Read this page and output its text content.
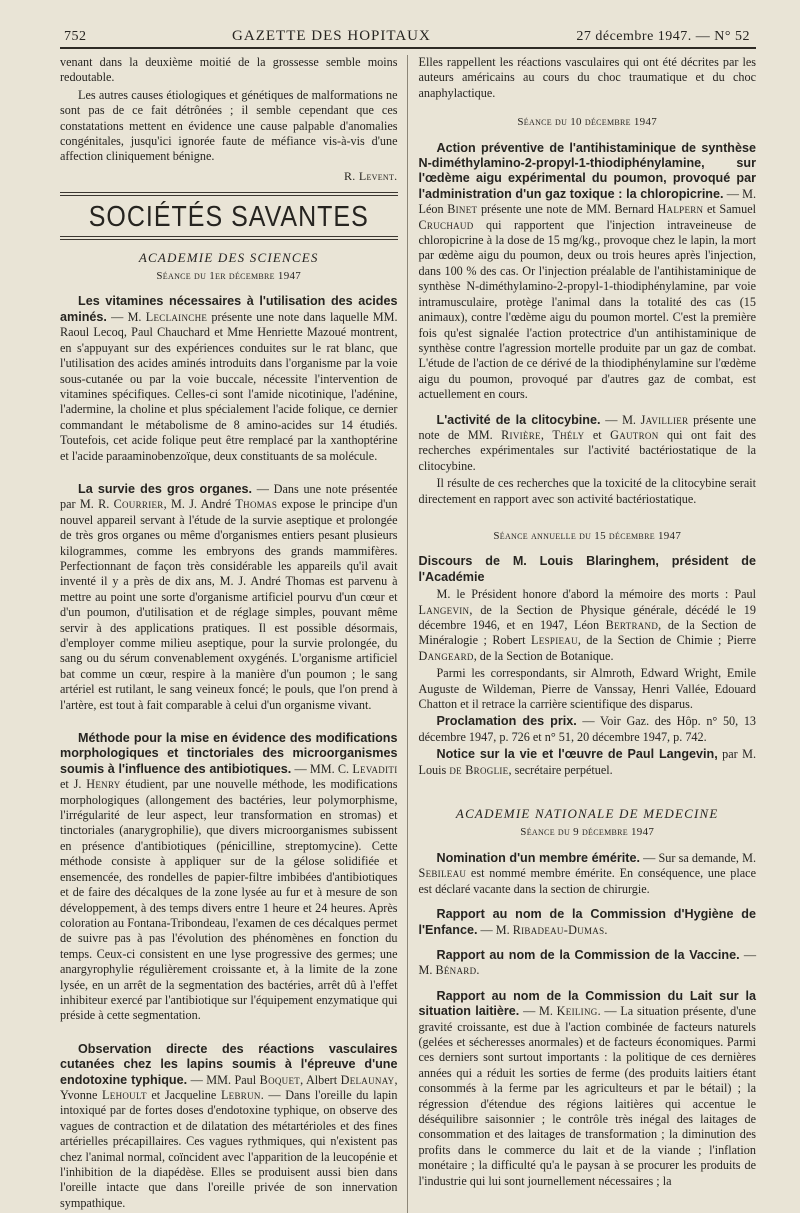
752	GAZETTE DES HOPITAUX	27 décembre 1947. — N° 52

venant dans la deuxième moitié de la grossesse semble moins redoutable.

Les autres causes étiologiques et génétiques de malformations ne sont pas de ce fait détrônées ; il semble cependant que ces constatations mettent en évidence une cause palpable d'anomalies congénitales, jusqu'ici ignorée faute de méfiance vis-à-vis d'une affection cliniquement bénigne.

R. Levent.

SOCIÉTÉS SAVANTES

ACADEMIE DES SCIENCES

Séance du 1er décembre 1947

Les vitamines nécessaires à l'utilisation des acides aminés. — M. Leclainche présente une note dans laquelle MM. Raoul Lecoq, Paul Chauchard et Mme Henriette Mazoué montrent, en s'appuyant sur des expériences conduites sur le rat blanc, que l'utilisation des acides aminés introduits dans l'organisme par la voie sous-cutanée ou par la voie buccale, nécessite l'intervention de vitamines spécifiques. Celles-ci sont l'amide nicotinique, l'adénine, l'adermine, la choline et plus spécialement l'acide folique, ce dernier commandant le métabolisme de 8 amino-acides sur 14 étudiés. Toutefois, cet acide folique peut être remplacé par la xanthoptérine et l'acide paraaminobenzoïque, deux constituants de sa molécule.

La survie des gros organes. — Dans une note présentée par M. R. Courrier, M. J. André Thomas expose le principe d'un nouvel appareil servant à l'étude de la survie aseptique et prolongée de très gros organes ou même d'organismes entiers pesant plusieurs kilogrammes, comme les embryons des grands mammifères. Perfectionnant de façon très considérable les appareils qu'il avait inventé il y a près de dix ans, M. J. André Thomas est parvenu à mettre au point une sorte d'organisme artificiel pourvu d'un cœur et d'un poumon, d'utilisation et de réglage simples, pouvant même servir à des applications pratiques. Il est possible désormais, d'employer comme milieu aseptique, pour la survie prolongée, du sang ou du sérum convenablement oxygénés. L'organisme artificiel bat comme un cœur, respire à la manière d'un poumon ; le sang artériel est rutilant, le sang veineux foncé; le pouls, que l'on prend à l'artère, est tout à fait comparable à celui d'un organisme vivant.

Méthode pour la mise en évidence des modifications morphologiques et tinctoriales des microorganismes soumis à l'influence des antibiotiques. — MM. C. Levaditi et J. Henry étudient, par une nouvelle méthode, les modifications morphologiques (allongement des bactéries, leur polymorphisme, l'irrégularité de leur aspect, leur transformation en stromas) et tinctoriales (anarygrophilie), que divers microorganismes subissent en présence d'antibiotiques (pénicilline, streptomycine). Cette méthode consiste à appliquer sur de la gélose solidifiée et ensemencée, des rondelles de papier-filtre imbibées d'antibiotiques et de faire des décalques de la zone lysée au fur et à mesure de son développement, à des temps divers entre 1 heure et 24 heures. Après coloration au Fontana-Tribondeau, l'examen de ces décalques permet de suivre pas à pas l'évolution des phénomènes en fonction du temps. Ceux-ci consistent en une lyse progressive des germes; une anargyrophylie régulièrement croissante et, à la limite de la zone lysée, en un arrêt de la segmentation des bactéries, arrêt dû à l'effet inhibiteur exercé par l'antibiotique sur l'équipement enzymatique qui préside à cette segmentation.

Observation directe des réactions vasculaires cutanées chez les lapins soumis à l'épreuve d'une endotoxine typhique. — MM. Paul Boquet, Albert Delaunay, Yvonne Lehoult et Jacqueline Lebrun. — Dans l'oreille du lapin intoxiqué par de fortes doses d'endotoxine typhique, on observe des vagues de contraction et de dilatation des métartérioles et des fines artérielles précapillaires. Ces vagues rythmiques, qui n'existent pas chez l'animal normal, coïncident avec l'apparition de la leucopénie et l'inhibition de la diapédèse. Elles se produisent aussi bien dans l'oreille intacte que dans l'oreille privée de son innervation sympathique.

Elles rappellent les réactions vasculaires qui ont été décrites par les auteurs américains au cours du choc traumatique et du choc anaphylactique.

Séance du 10 décembre 1947

Action préventive de l'antihistaminique de synthèse N-diméthylamino-2-propyl-1-thiodiphénylamine, sur l'œdème aigu expérimental du poumon, provoqué par l'administration d'un gaz toxique : la chloropicrine. — M. Léon Binet présente une note de MM. Bernard Halpern et Samuel Cruchaud qui rapportent que l'injection intraveineuse de chloropicrine à la dose de 15 mg/kg., provoque chez le lapin, la mort par œdème aigu du poumon, deux ou trois heures après l'injection, dans 100 % des cas. Or l'injection préalable de l'antihistaminique de synthèse N-diméthylamino-2-propyl-1-thiodiphénylamine, par voie intramusculaire, protège l'animal dans la totalité des cas (15 animaux), contre l'œdème aigu du poumon mortel. C'est la première fois qu'est signalée l'action protectrice d'un antihistaminique de synthèse contre l'agression mortelle produite par un gaz de combat. L'étude de l'action de ce dérivé de la thiodiphénylamine sur l'œdème aigu du poumon, provoqué par d'autres gaz de combat, est actuellement en cours.

L'activité de la clitocybine. — M. Javillier présente une note de MM. Rivière, Thély et Gautron qui ont fait des recherches expérimentales sur l'activité bactériostatique de la clitocybine.

Il résulte de ces recherches que la toxicité de la clitocybine serait directement en rapport avec son activité bactériostatique.

Séance annuelle du 15 décembre 1947

Discours de M. Louis Blaringhem, président de l'Académie

M. le Président honore d'abord la mémoire des morts : Paul Langevin, de la Section de Physique générale, décédé le 19 décembre 1946, et en 1947, Léon Bertrand, de la Section de Minéralogie ; Robert Lespieau, de la Section de Chimie ; Pierre Dangeard, de la Section de Botanique.

Parmi les correspondants, sir Almroth, Edward Wright, Emile Auguste de Wildeman, Pierre de Vanssay, Henri Vallée, Edouard Chatton et il retrace la carrière scientifique des disparus.

Proclamation des prix. — Voir Gaz. des Hôp. n° 50, 13 décembre 1947, p. 726 et n° 51, 20 décembre 1947, p. 742.

Notice sur la vie et l'œuvre de Paul Langevin, par M. Louis de Broglie, secrétaire perpétuel.

ACADEMIE NATIONALE DE MEDECINE

Séance du 9 décembre 1947

Nomination d'un membre émérite. — Sur sa demande, M. Sebileau est nommé membre émérite. En conséquence, une place est déclaré vacante dans la section de chirurgie.

Rapport au nom de la Commission d'Hygiène de l'Enfance. — M. Ribadeau-Dumas.

Rapport au nom de la Commission de la Vaccine. — M. Bénard.

Rapport au nom de la Commission du Lait sur la situation laitière. — M. Keiling. — La situation présente, d'une gravité croissante, est due à l'action combinée de facteurs naturels (gelées et sécheresses anormales) et de facteurs économiques. Parmi ces derniers sont surtout importants : la politique de ces dernières années qui a réduit les sorties de ferme (des produits laitiers étant consommés à la ferme par les agriculteurs et par le bétail) ; la régression d'étendue des régions laitières qui accentue le déséquilibre saisonnier ; le contrôle très inégal des laitages de consommation et des laitages de transformation ; la diminution des profits dans le commerce du lait et de la viande ; l'inflation monétaire ; la difficulté qu'a le paysan à se procurer les produits de l'industrie qui lui sont journellement nécessaires ; la
